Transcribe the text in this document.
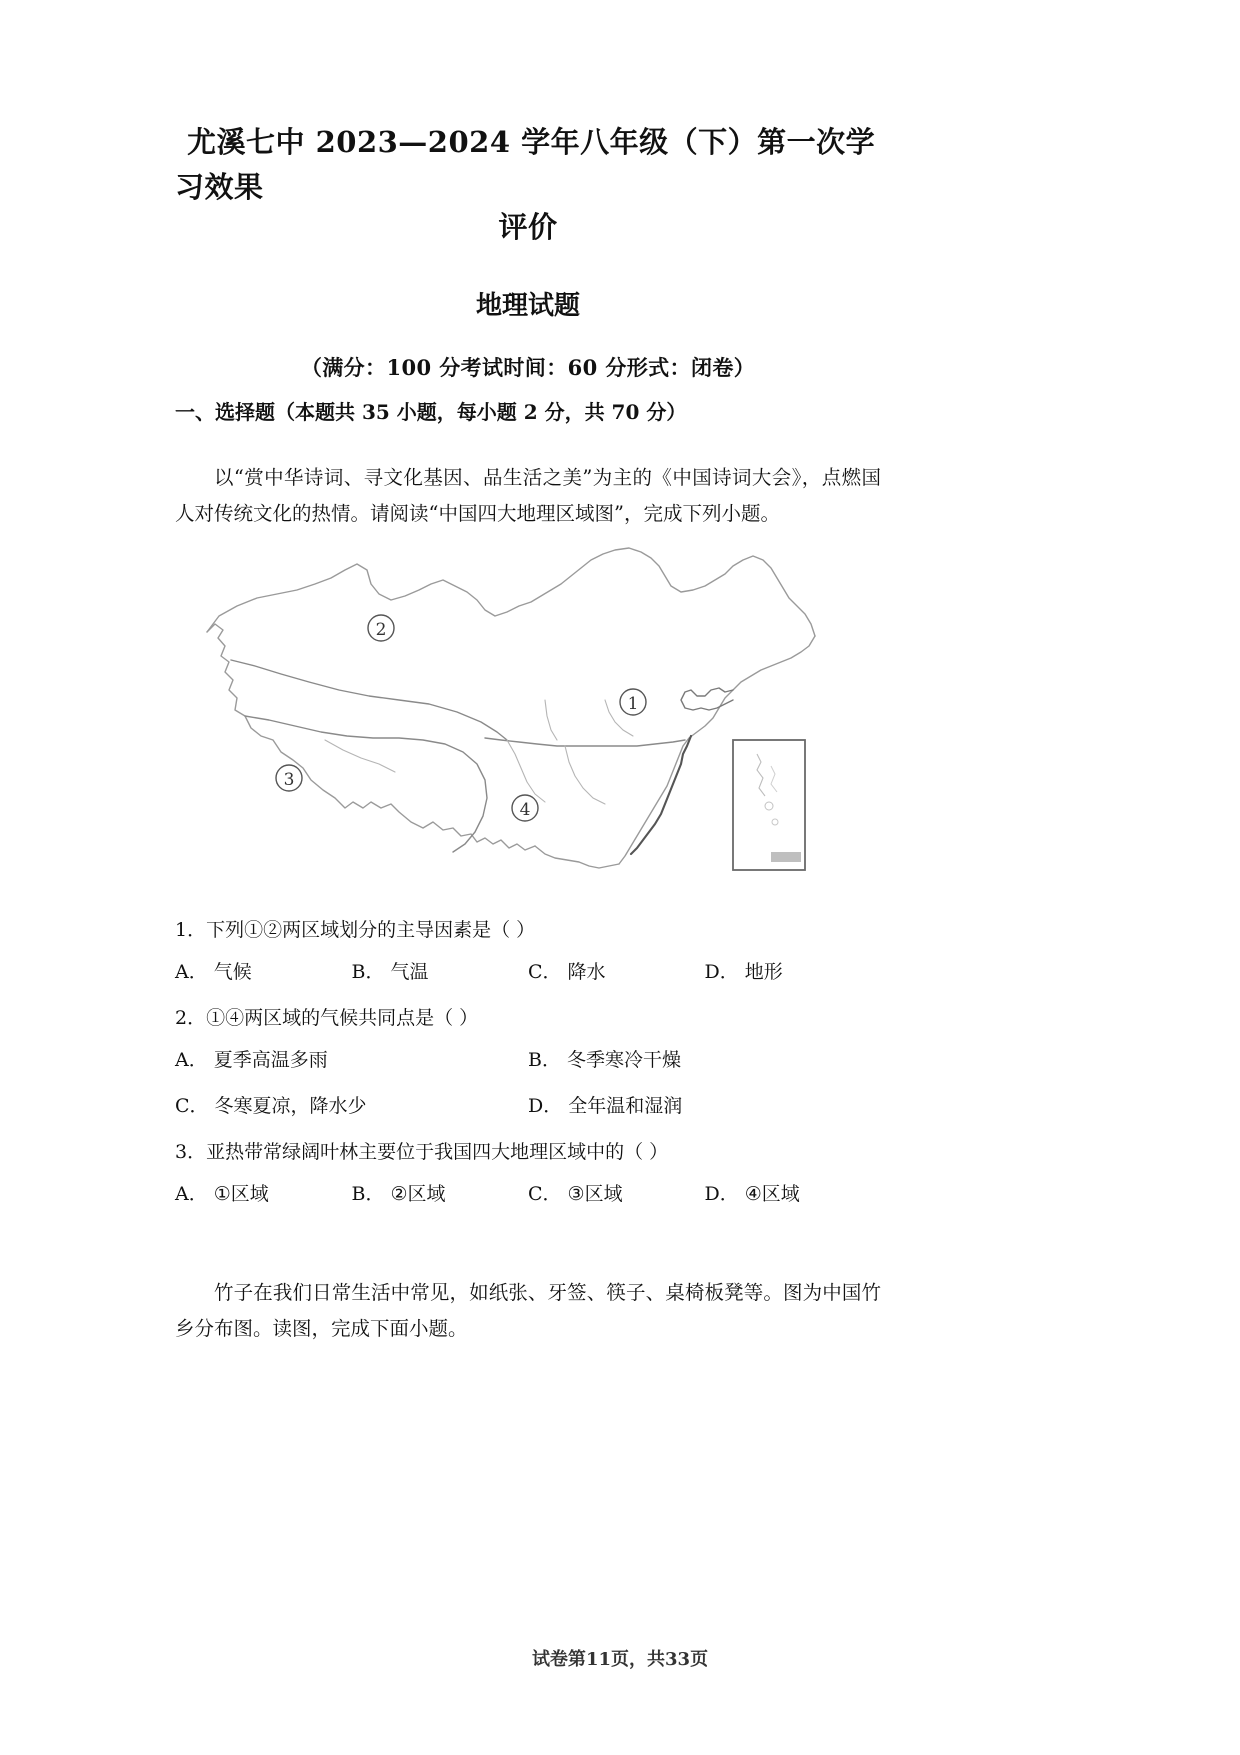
尤溪七中 2023—2024 学年八年级（下）第一次学习效果
评价
地理试题
（满分：100 分考试时间：60 分形式：闭卷）
一、选择题（本题共 35 小题，每小题 2 分，共 70 分）

以“赏中华诗词、寻文化基因、品生活之美”为主的《中国诗词大会》，点燃国人对传统文化的热情。请阅读“中国四大地理区域图”，完成下列小题。

1
2
3
4

1．下列①②两区域划分的主导因素是（ ）

A． 气候	B． 气温	C． 降水	D． 地形

2．①④两区域的气候共同点是（ ）

A． 夏季高温多雨	B． 冬季寒冷干燥
C． 冬寒夏凉，降水少	D． 全年温和湿润

3．亚热带常绿阔叶林主要位于我国四大地理区域中的（ ）

A． ①区域	B． ②区域	C． ③区域	D． ④区域

竹子在我们日常生活中常见，如纸张、牙签、筷子、桌椅板凳等。图为中国竹乡分布图。读图，完成下面小题。

试卷第11页，共33页
